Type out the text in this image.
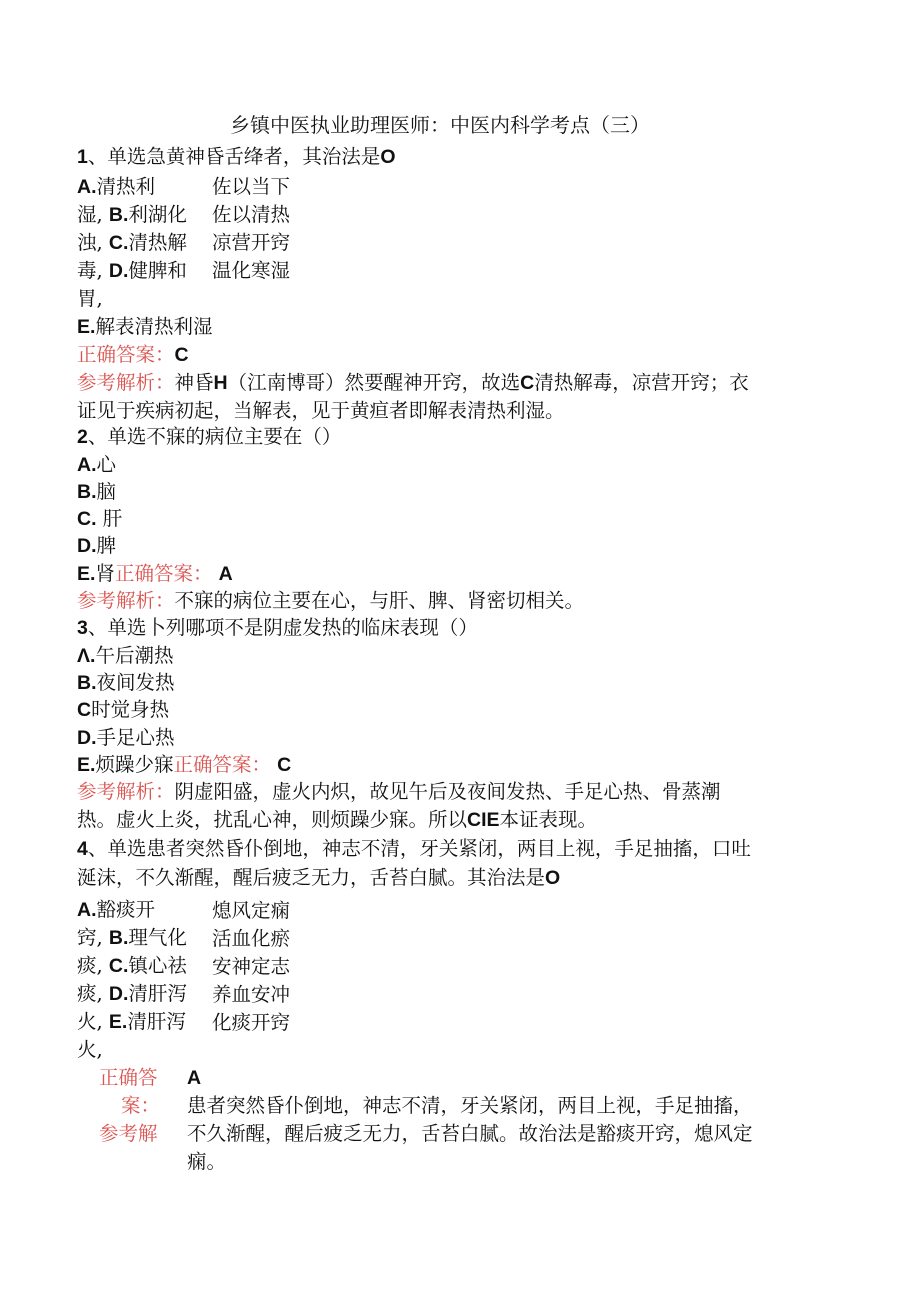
乡镇中医执业助理医师：中医内科学考点（三）
1、单选急黄神昏舌绛者，其治法是O
A.清热利
湿, B.利湖化
浊, C.清热解
毒, D.健脾和
胃,
佐以当下
佐以清热
凉营开窍
温化寒湿
E.解表清热利湿
正确答案：C
参考解析：神昏H（江南博哥）然要醒神开窍，故选C清热解毒，凉营开窍；衣
证见于疾病初起，当解表，见于黄疸者即解表清热利湿。
2、单选不寐的病位主要在（）
A.心
B.脑
C. 肝
D.脾
E.肾正确答案： A
参考解析：不寐的病位主要在心，与肝、脾、肾密切相关。
3、单选卜列哪项不是阴虚发热的临床表现（）
Λ.午后潮热
B.夜间发热
C时觉身热
D.手足心热
E.烦躁少寐正确答案： C
参考解析：阴虚阳盛，虚火内炽，故见午后及夜间发热、手足心热、骨蒸潮
热。虚火上炎，扰乱心神，则烦躁少寐。所以CIE本证表现。
4、单选患者突然昏仆倒地，神志不清，牙关紧闭，两目上视，手足抽搐，口吐
涎沫，不久渐醒，醒后疲乏无力，舌苔白腻。其治法是O
A.豁痰开
窍, B.理气化
痰, C.镇心祛
痰, D.清肝泻
火, E.清肝泻
火,
熄风定痫
活血化瘀
安神定志
养血安冲
化痰开窍
正确答 A
案：
参考解
患者突然昏仆倒地，神志不清，牙关紧闭，两目上视，手足抽搐，
不久渐醒，醒后疲乏无力，舌苔白腻。故治法是豁痰开窍，熄风定
痫。
